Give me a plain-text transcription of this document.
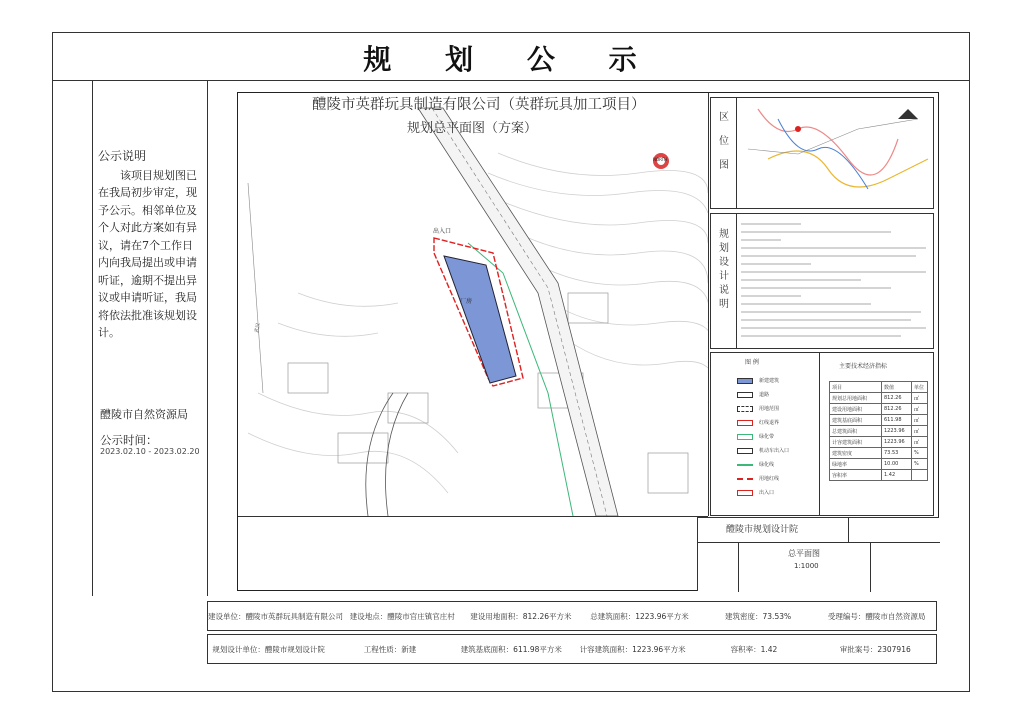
规 划 公 示
公示说明
该项目规划图已在我局初步审定，现予公示。相邻单位及个人对此方案如有异议，请在7个工作日内向我局提出或申请听证，逾期不提出异议或申请听证，我局将依法批准该规划设计。
醴陵市自然资源局
公示时间：
2023.02.10 - 2023.02.20
厂房
出入口
武汉
NORTH
醴陵市英群玩具制造有限公司（英群玩具加工项目）
规划总平面图（方案）
区位图
规划设计说明
图 例
主要技术经济指标
新建建筑
道路
用地范围
红线退界
绿化带
机动车出入口
绿化线
用地红线
出入口
项目	数值	单位
规划总用地面积	812.26	㎡
建设用地面积	812.26	㎡
建筑基底面积	611.98	㎡
总建筑面积	1223.96	㎡
计容建筑面积	1223.96	㎡
建筑密度	73.53	%
绿地率	10.00	%
容积率	1.42	
醴陵市规划设计院
总平面图
1:1000
建设单位：醴陵市英群玩具制造有限公司 建设地点：醴陵市官庄镇官庄村	建设用地面积：812.26平方米	总建筑面积：1223.96平方米	建筑密度：73.53%	受理编号：醴陵市自然资源局
规划设计单位：醴陵市规划设计院	工程性质：新建	建筑基底面积：611.98平方米	计容建筑面积：1223.96平方米	容积率：1.42	审批案号：2307916
